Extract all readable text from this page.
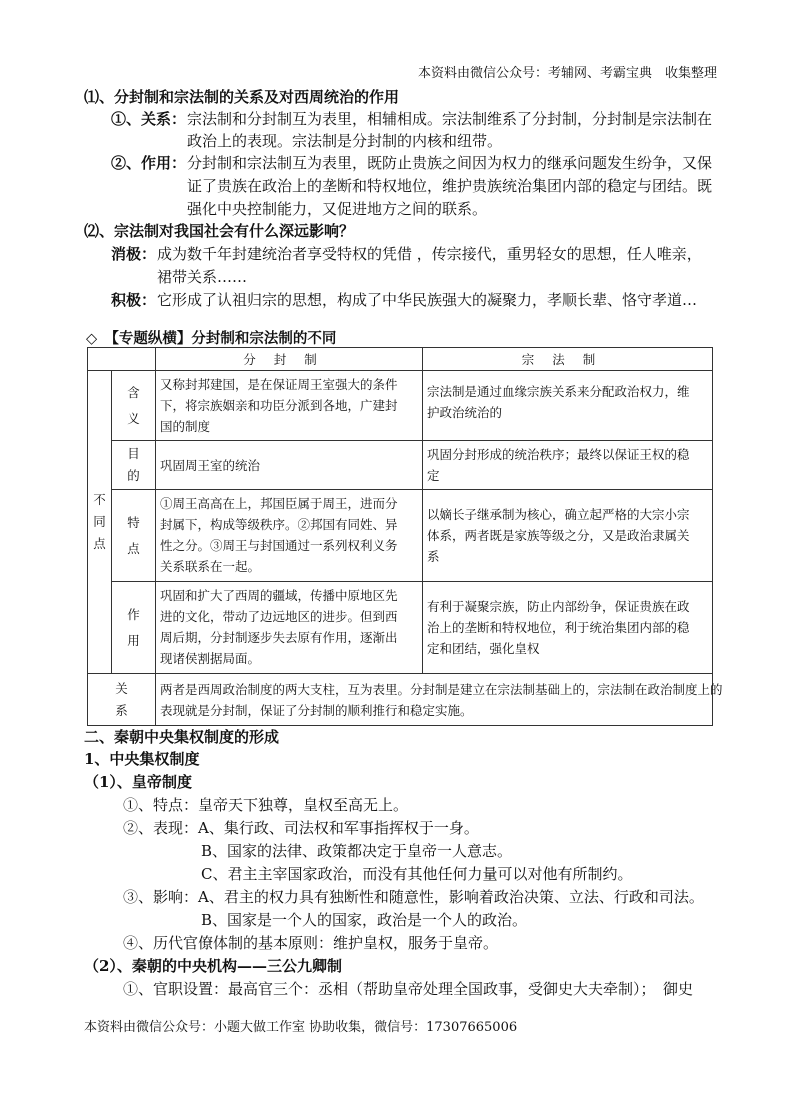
本资料由微信公众号：考辅网、考霸宝典　收集整理
⑴、分封制和宗法制的关系及对西周统治的作用
①、关系： 宗法制和分封制互为表里，相辅相成。宗法制维系了分封制，分封制是宗法制在
政治上的表现。宗法制是分封制的内核和纽带。
②、作用： 分封制和宗法制互为表里，既防止贵族之间因为权力的继承问题发生纷争，又保
证了贵族在政治上的垄断和特权地位，维护贵族统治集团内部的稳定与团结。既
强化中央控制能力，又促进地方之间的联系。
⑵、宗法制对我国社会有什么深远影响？
消极： 成为数千年封建统治者享受特权的凭借 ，传宗接代，重男轻女的思想，任人唯亲，
裙带关系……
积极： 它形成了认祖归宗的思想，构成了中华民族强大的凝聚力，孝顺长辈、恪守孝道…
◇　【专题纵横】分封制和宗法制的不同
		分封制	宗法制

不同点	含义	又称封邦建国，是在保证周王室强大的条件
下，将宗族姻亲和功臣分派到各地，广建封
国的制度	宗法制是通过血缘宗族关系来分配政治权力，维
护政治统治的

	目的	巩固周王室的统治	巩固分封形成的统治秩序；最终以保证王权的稳
定

	特点	①周王高高在上，邦国臣属于周王，进而分
封属下，构成等级秩序。②邦国有同姓、异
性之分。③周王与封国通过一系列权利义务
关系联系在一起。	以嫡长子继承制为核心，确立起严格的大宗小宗
体系，两者既是家族等级之分，又是政治隶属关
系

	作用	巩固和扩大了西周的疆域，传播中原地区先
进的文化，带动了边远地区的进步。但到西
周后期，分封制逐步失去原有作用，逐渐出
现诸侯割据局面。	有利于凝聚宗族，防止内部纷争，保证贵族在政
治上的垄断和特权地位，利于统治集团内部的稳
定和团结，强化皇权

关系		两者是西周政治制度的两大支柱，互为表里。分封制是建立在宗法制基础上的，宗法制在政治制度上的
表现就是分封制，保证了分封制的顺利推行和稳定实施。	
二、秦朝中央集权制度的形成
1、中央集权制度
（1）、皇帝制度
①、特点：皇帝天下独尊，皇权至高无上。
②、表现：A、集行政、司法权和军事指挥权于一身。
B、国家的法律、政策都决定于皇帝一人意志。
C、君主主宰国家政治，而没有其他任何力量可以对他有所制约。
③、影响：A、君主的权力具有独断性和随意性，影响着政治决策、立法、行政和司法。
B、国家是一个人的国家，政治是一个人的政治。
④、历代官僚体制的基本原则：维护皇权，服务于皇帝。
（2）、秦朝的中央机构——三公九卿制
①、官职设置：最高官三个：丞相（帮助皇帝处理全国政事，受御史大夫牵制）；　御史
本资料由微信公众号：小题大做工作室 协助收集，微信号：17307665006
